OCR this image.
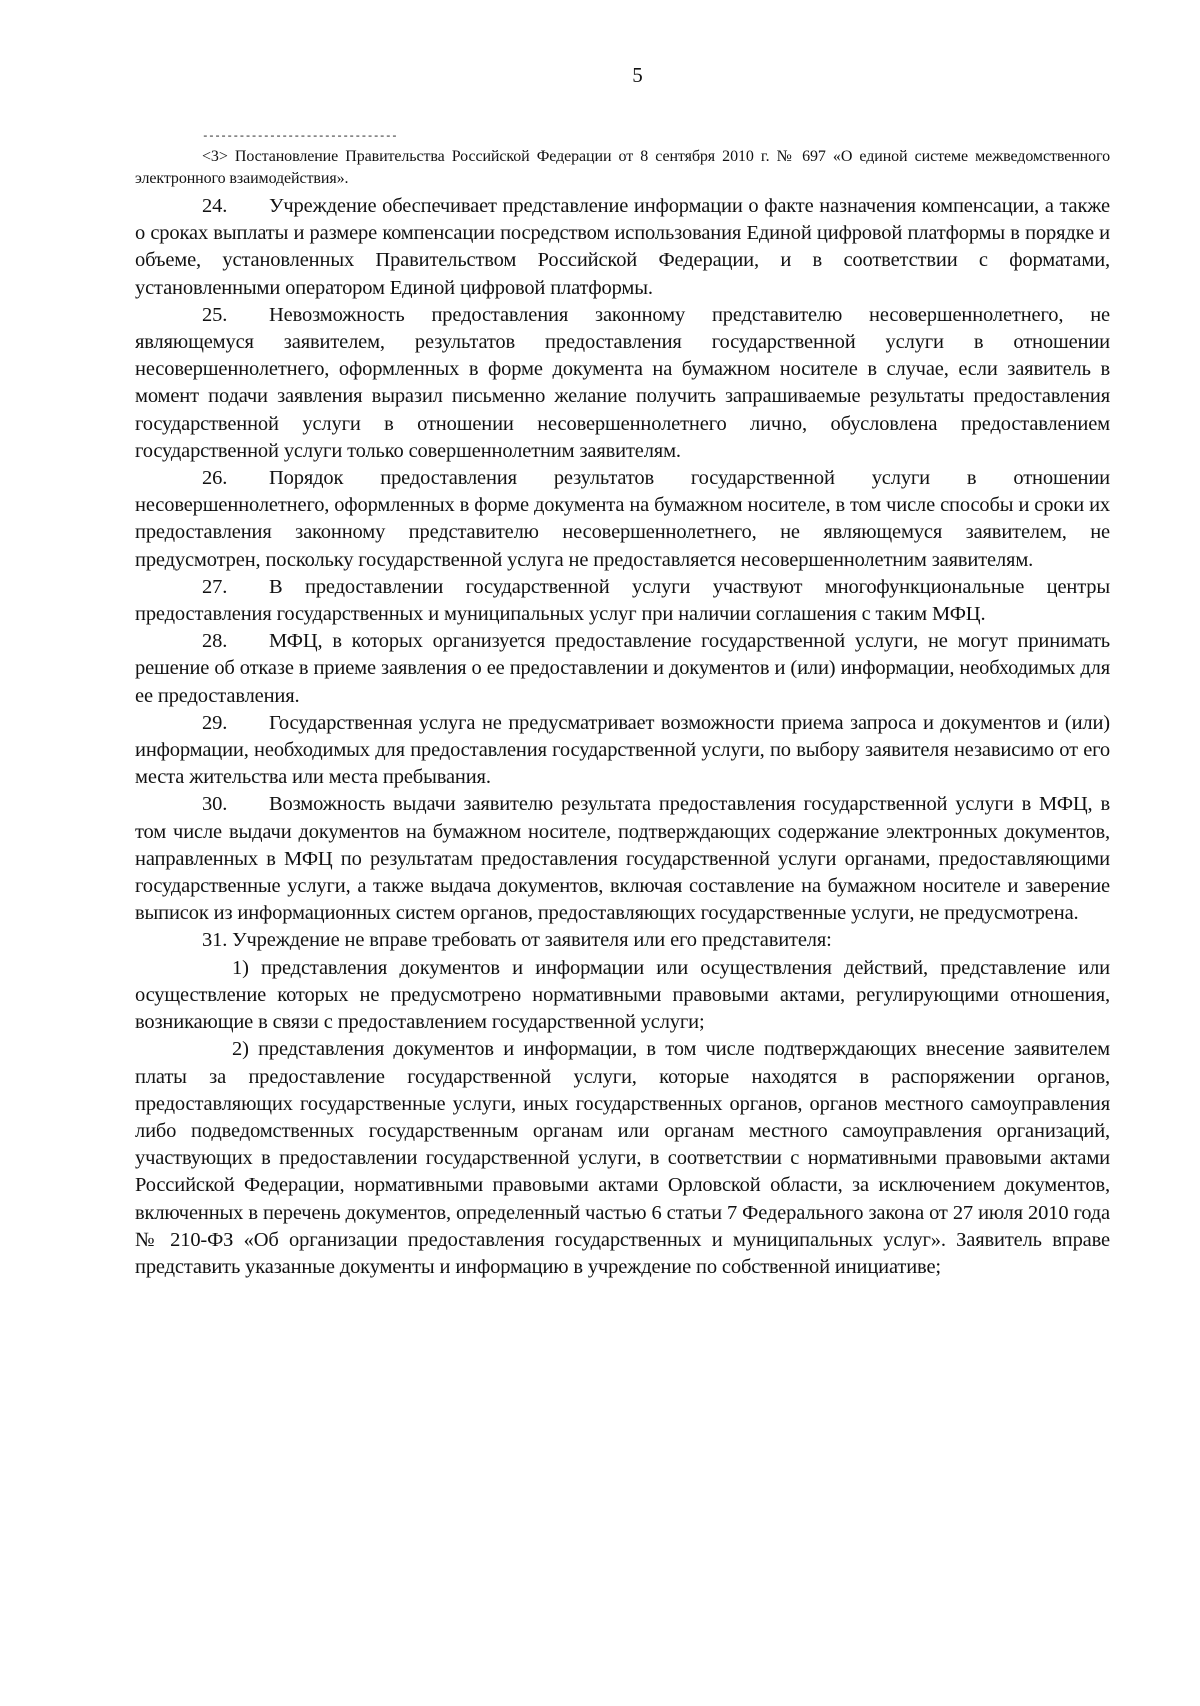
5
--------------------------------

<3> Постановление Правительства Российской Федерации от 8 сентября 2010 г. № 697 «О единой системе межведомственного электронного взаимодействия».

24. Учреждение обеспечивает представление информации о факте назначения компенсации, а также о сроках выплаты и размере компенсации посредством использования Единой цифровой платформы в порядке и объеме, установленных Правительством Российской Федерации, и в соответствии с форматами, установленными оператором Единой цифровой платформы.

25. Невозможность предоставления законному представителю несовершеннолетнего, не являющемуся заявителем, результатов предоставления государственной услуги в отношении несовершеннолетнего, оформленных в форме документа на бумажном носителе в случае, если заявитель в момент подачи заявления выразил письменно желание получить запрашиваемые результаты предоставления государственной услуги в отношении несовершеннолетнего лично, обусловлена предоставлением государственной услуги только совершеннолетним заявителям.

26. Порядок предоставления результатов государственной услуги в отношении несовершеннолетнего, оформленных в форме документа на бумажном носителе, в том числе способы и сроки их предоставления законному представителю несовершеннолетнего, не являющемуся заявителем, не предусмотрен, поскольку государственной услуга не предоставляется несовершеннолетним заявителям.

27. В предоставлении государственной услуги участвуют многофункциональные центры предоставления государственных и муниципальных услуг при наличии соглашения с таким МФЦ.

28. МФЦ, в которых организуется предоставление государственной услуги, не могут принимать решение об отказе в приеме заявления о ее предоставлении и документов и (или) информации, необходимых для ее предоставления.

29. Государственная услуга не предусматривает возможности приема запроса и документов и (или) информации, необходимых для предоставления государственной услуги, по выбору заявителя независимо от его места жительства или места пребывания.

30. Возможность выдачи заявителю результата предоставления государственной услуги в МФЦ, в том числе выдачи документов на бумажном носителе, подтверждающих содержание электронных документов, направленных в МФЦ по результатам предоставления государственной услуги органами, предоставляющими государственные услуги, а также выдача документов, включая составление на бумажном носителе и заверение выписок из информационных систем органов, предоставляющих государственные услуги, не предусмотрена.

31. Учреждение не вправе требовать от заявителя или его представителя:

1) представления документов и информации или осуществления действий, представление или осуществление которых не предусмотрено нормативными правовыми актами, регулирующими отношения, возникающие в связи с предоставлением государственной услуги;

2) представления документов и информации, в том числе подтверждающих внесение заявителем платы за предоставление государственной услуги, которые находятся в распоряжении органов, предоставляющих государственные услуги, иных государственных органов, органов местного самоуправления либо подведомственных государственным органам или органам местного самоуправления организаций, участвующих в предоставлении государственной услуги, в соответствии с нормативными правовыми актами Российской Федерации, нормативными правовыми актами Орловской области, за исключением документов, включенных в перечень документов, определенный частью 6 статьи 7 Федерального закона от 27 июля 2010 года № 210-ФЗ «Об организации предоставления государственных и муниципальных услуг». Заявитель вправе представить указанные документы и информацию в учреждение по собственной инициативе;
